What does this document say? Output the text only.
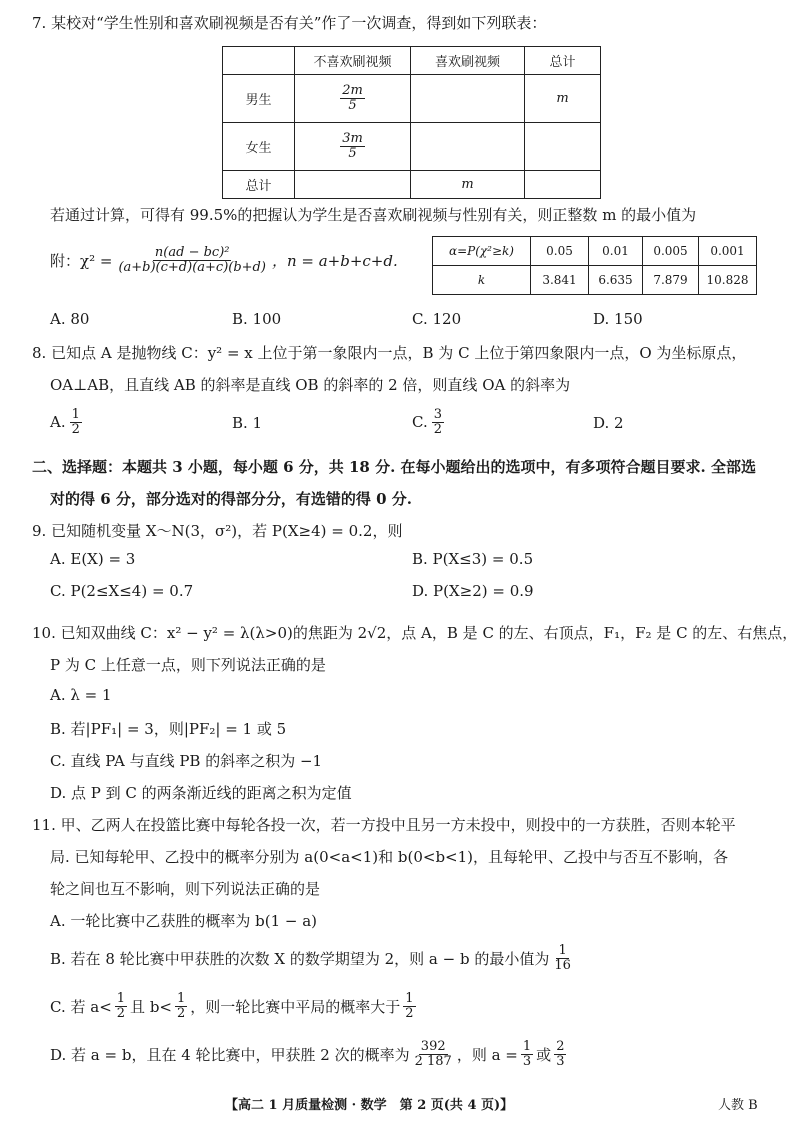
7. 某校对“学生性别和喜欢刷视频是否有关”作了一次调查，得到如下列联表：
	不喜欢刷视频	喜欢刷视频	总计
男生	$\frac{2m}{5}$		m
女生	$\frac{3m}{5}$

总计		m	
若通过计算，可得有 99.5%的把握认为学生是否喜欢刷视频与性别有关，则正整数 m 的最小值为
附：$\chi^2 = \frac{\text{n(ad − bc)²}}{(a+b)(c+d)(a+c)(b+d)}$ ，n = a+b+c+d.
α=P(χ²≥k)	0.05	0.01	0.005	0.001
k	3.841	6.635	7.879	10.828
A. 80	B. 100	C. 120	D. 150
8. 已知点 A 是抛物线 C：y² = x 上位于第一象限内一点，B 为 C 上位于第四象限内一点，O 为坐标原点，
OA⊥AB，且直线 AB 的斜率是直线 OB 的斜率的 2 倍，则直线 OA 的斜率为
A. $\frac{1}{2}$	B. 1	C. $\frac{3}{2}$	D. 2
二、选择题：本题共 3 小题，每小题 6 分，共 18 分. 在每小题给出的选项中，有多项符合题目要求. 全部选
对的得 6 分，部分选对的得部分分，有选错的得 0 分.
9. 已知随机变量 X～N(3，σ²)，若 P(X≥4) = 0.2，则
A. E(X) = 3	B. P(X≤3) = 0.5
C. P(2≤X≤4) = 0.7	D. P(X≥2) = 0.9
10. 已知双曲线 C：x² − y² = λ(λ>0)的焦距为 2√2，点 A，B 是 C 的左、右顶点，F₁，F₂ 是 C 的左、右焦点，
P 为 C 上任意一点，则下列说法正确的是
A. λ = 1
B. 若|PF₁| = 3，则|PF₂| = 1 或 5
C. 直线 PA 与直线 PB 的斜率之积为 −1
D. 点 P 到 C 的两条渐近线的距离之积为定值
11. 甲、乙两人在投篮比赛中每轮各投一次，若一方投中且另一方未投中，则投中的一方获胜，否则本轮平
局. 已知每轮甲、乙投中的概率分别为 a(0<a<1)和 b(0<b<1)，且每轮甲、乙投中与否互不影响，各
轮之间也互不影响，则下列说法正确的是
A. 一轮比赛中乙获胜的概率为 b(1 − a)
B. 若在 8 轮比赛中甲获胜的次数 X 的数学期望为 2，则 a − b 的最小值为 $\frac{1}{16}$
C. 若 $a< \frac{1}{2}$ 且 $b< \frac{1}{2}$ ，则一轮比赛中平局的概率大于 $\frac{1}{2}$
D. 若 a = b，且在 4 轮比赛中，甲获胜 2 次的概率为 $\frac{392}{2 187}$ ，则 $a = \frac{1}{3}$ 或 $\frac{2}{3}$
【高二 1 月质量检测 · 数学　第 2 页(共 4 页)】	人教 B
